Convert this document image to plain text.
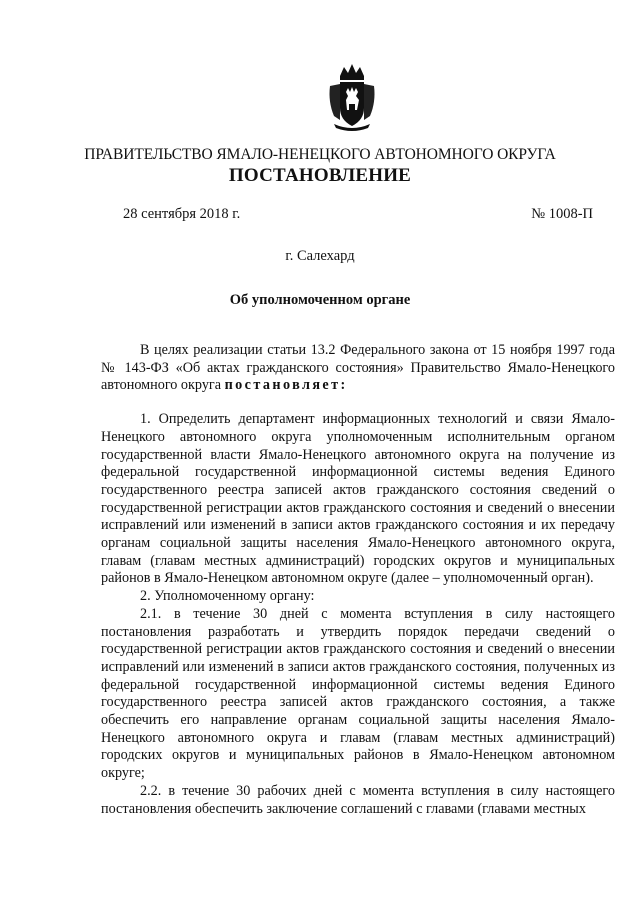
ПРАВИТЕЛЬСТВО ЯМАЛО-НЕНЕЦКОГО АВТОНОМНОГО ОКРУГА
ПОСТАНОВЛЕНИЕ
28 сентября 2018 г.	№ 1008-П
г. Салехард
Об уполномоченном органе

В целях реализации статьи 13.2 Федерального закона от 15 ноября 1997 года № 143-ФЗ «Об актах гражданского состояния» Правительство Ямало-Ненецкого автономного округа постановляет:

1. Определить департамент информационных технологий и связи Ямало-Ненецкого автономного округа уполномоченным исполнительным органом государственной власти Ямало-Ненецкого автономного округа на получение из федеральной государственной информационной системы ведения Единого государственного реестра записей актов гражданского состояния сведений о государственной регистрации актов гражданского состояния и сведений о внесении исправлений или изменений в записи актов гражданского состояния и их передачу органам социальной защиты населения Ямало-Ненецкого автономного округа, главам (главам местных администраций) городских округов и муниципальных районов в Ямало-Ненецком автономном округе (далее – уполномоченный орган).

2. Уполномоченному органу:

2.1. в течение 30 дней с момента вступления в силу настоящего постановления разработать и утвердить порядок передачи сведений о государственной регистрации актов гражданского состояния и сведений о внесении исправлений или изменений в записи актов гражданского состояния, полученных из федеральной государственной информационной системы ведения Единого государственного реестра записей актов гражданского состояния, а также обеспечить его направление органам социальной защиты населения Ямало-Ненецкого автономного округа и главам (главам местных администраций) городских округов и муниципальных районов в Ямало-Ненецком автономном округе;

2.2. в течение 30 рабочих дней с момента вступления в силу настоящего постановления обеспечить заключение соглашений с главами (главами местных
